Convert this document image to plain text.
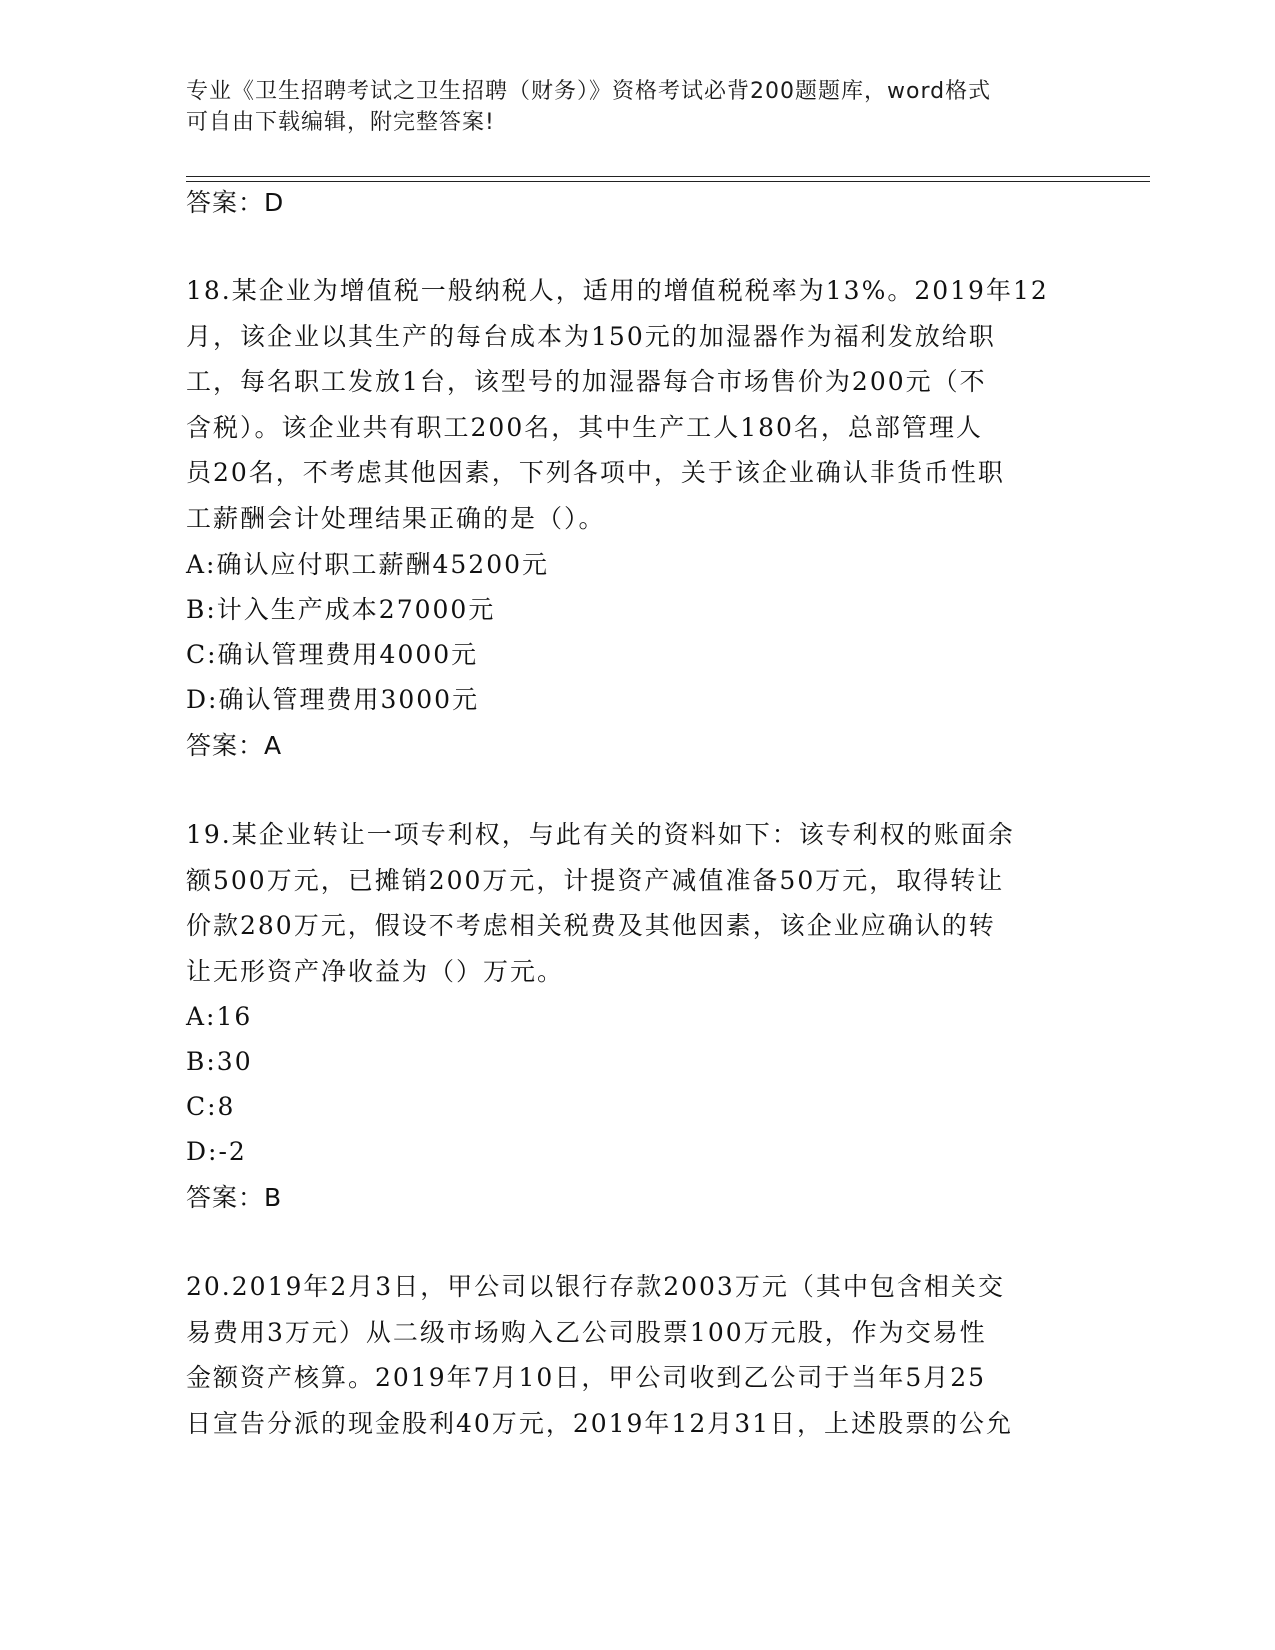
专业《卫生招聘考试之卫生招聘（财务）》资格考试必背200题题库，word格式
可自由下载编辑，附完整答案!
答案：D
18.某企业为增值税一般纳税人，适用的增值税税率为13%。2019年12
月，该企业以其生产的每台成本为150元的加湿器作为福利发放给职
工，每名职工发放1台，该型号的加湿器每合市场售价为200元（不
含税）。该企业共有职工200名，其中生产工人180名，总部管理人
员20名，不考虑其他因素，下列各项中，关于该企业确认非货币性职
工薪酬会计处理结果正确的是（）。
A:确认应付职工薪酬45200元
B:计入生产成本27000元
C:确认管理费用4000元
D:确认管理费用3000元
答案：A
19.某企业转让一项专利权，与此有关的资料如下：该专利权的账面余
额500万元，已摊销200万元，计提资产减值准备50万元，取得转让
价款280万元，假设不考虑相关税费及其他因素，该企业应确认的转
让无形资产净收益为（）万元。
A:16
B:30
C:8
D:-2
答案：B
20.2019年2月3日，甲公司以银行存款2003万元（其中包含相关交
易费用3万元）从二级市场购入乙公司股票100万元股，作为交易性
金额资产核算。2019年7月10日，甲公司收到乙公司于当年5月25
日宣告分派的现金股利40万元，2019年12月31日，上述股票的公允
